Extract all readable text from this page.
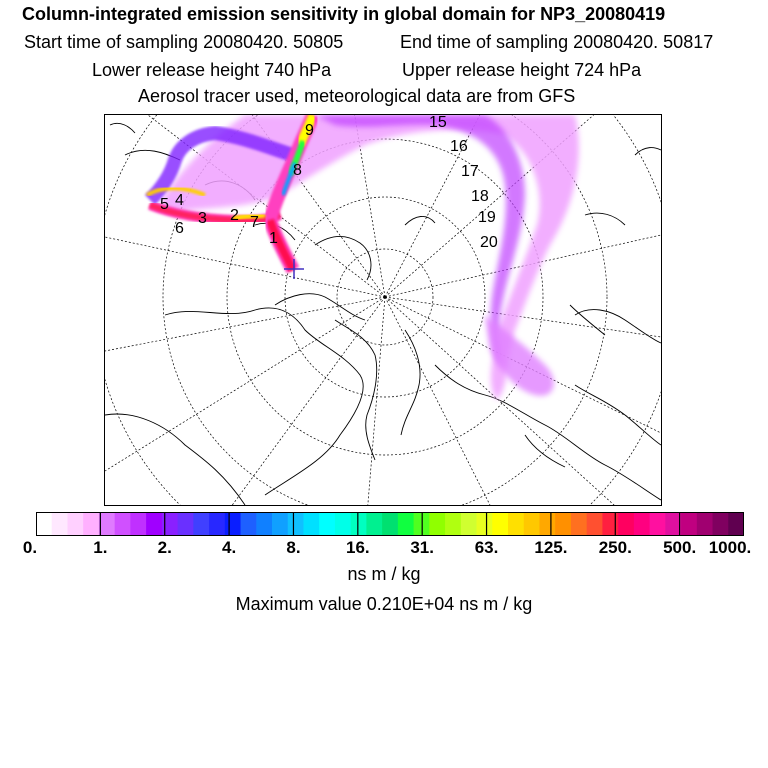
Column-integrated emission sensitivity in global domain for NP3_20080419
Start time of sampling 20080420. 50805	End time of sampling 20080420. 50817
Lower release height 740 hPa	Upper release height 724 hPa
Aerosol tracer used, meteorological data are from GFS
9
8
5 4
6
3 2 7
1
15
16
17
18
19
20
0.	1.	2.	4.	8.	16. 31. 63. 125. 250. 500. 1000.
ns m / kg
Maximum value 0.210E+04 ns m / kg
